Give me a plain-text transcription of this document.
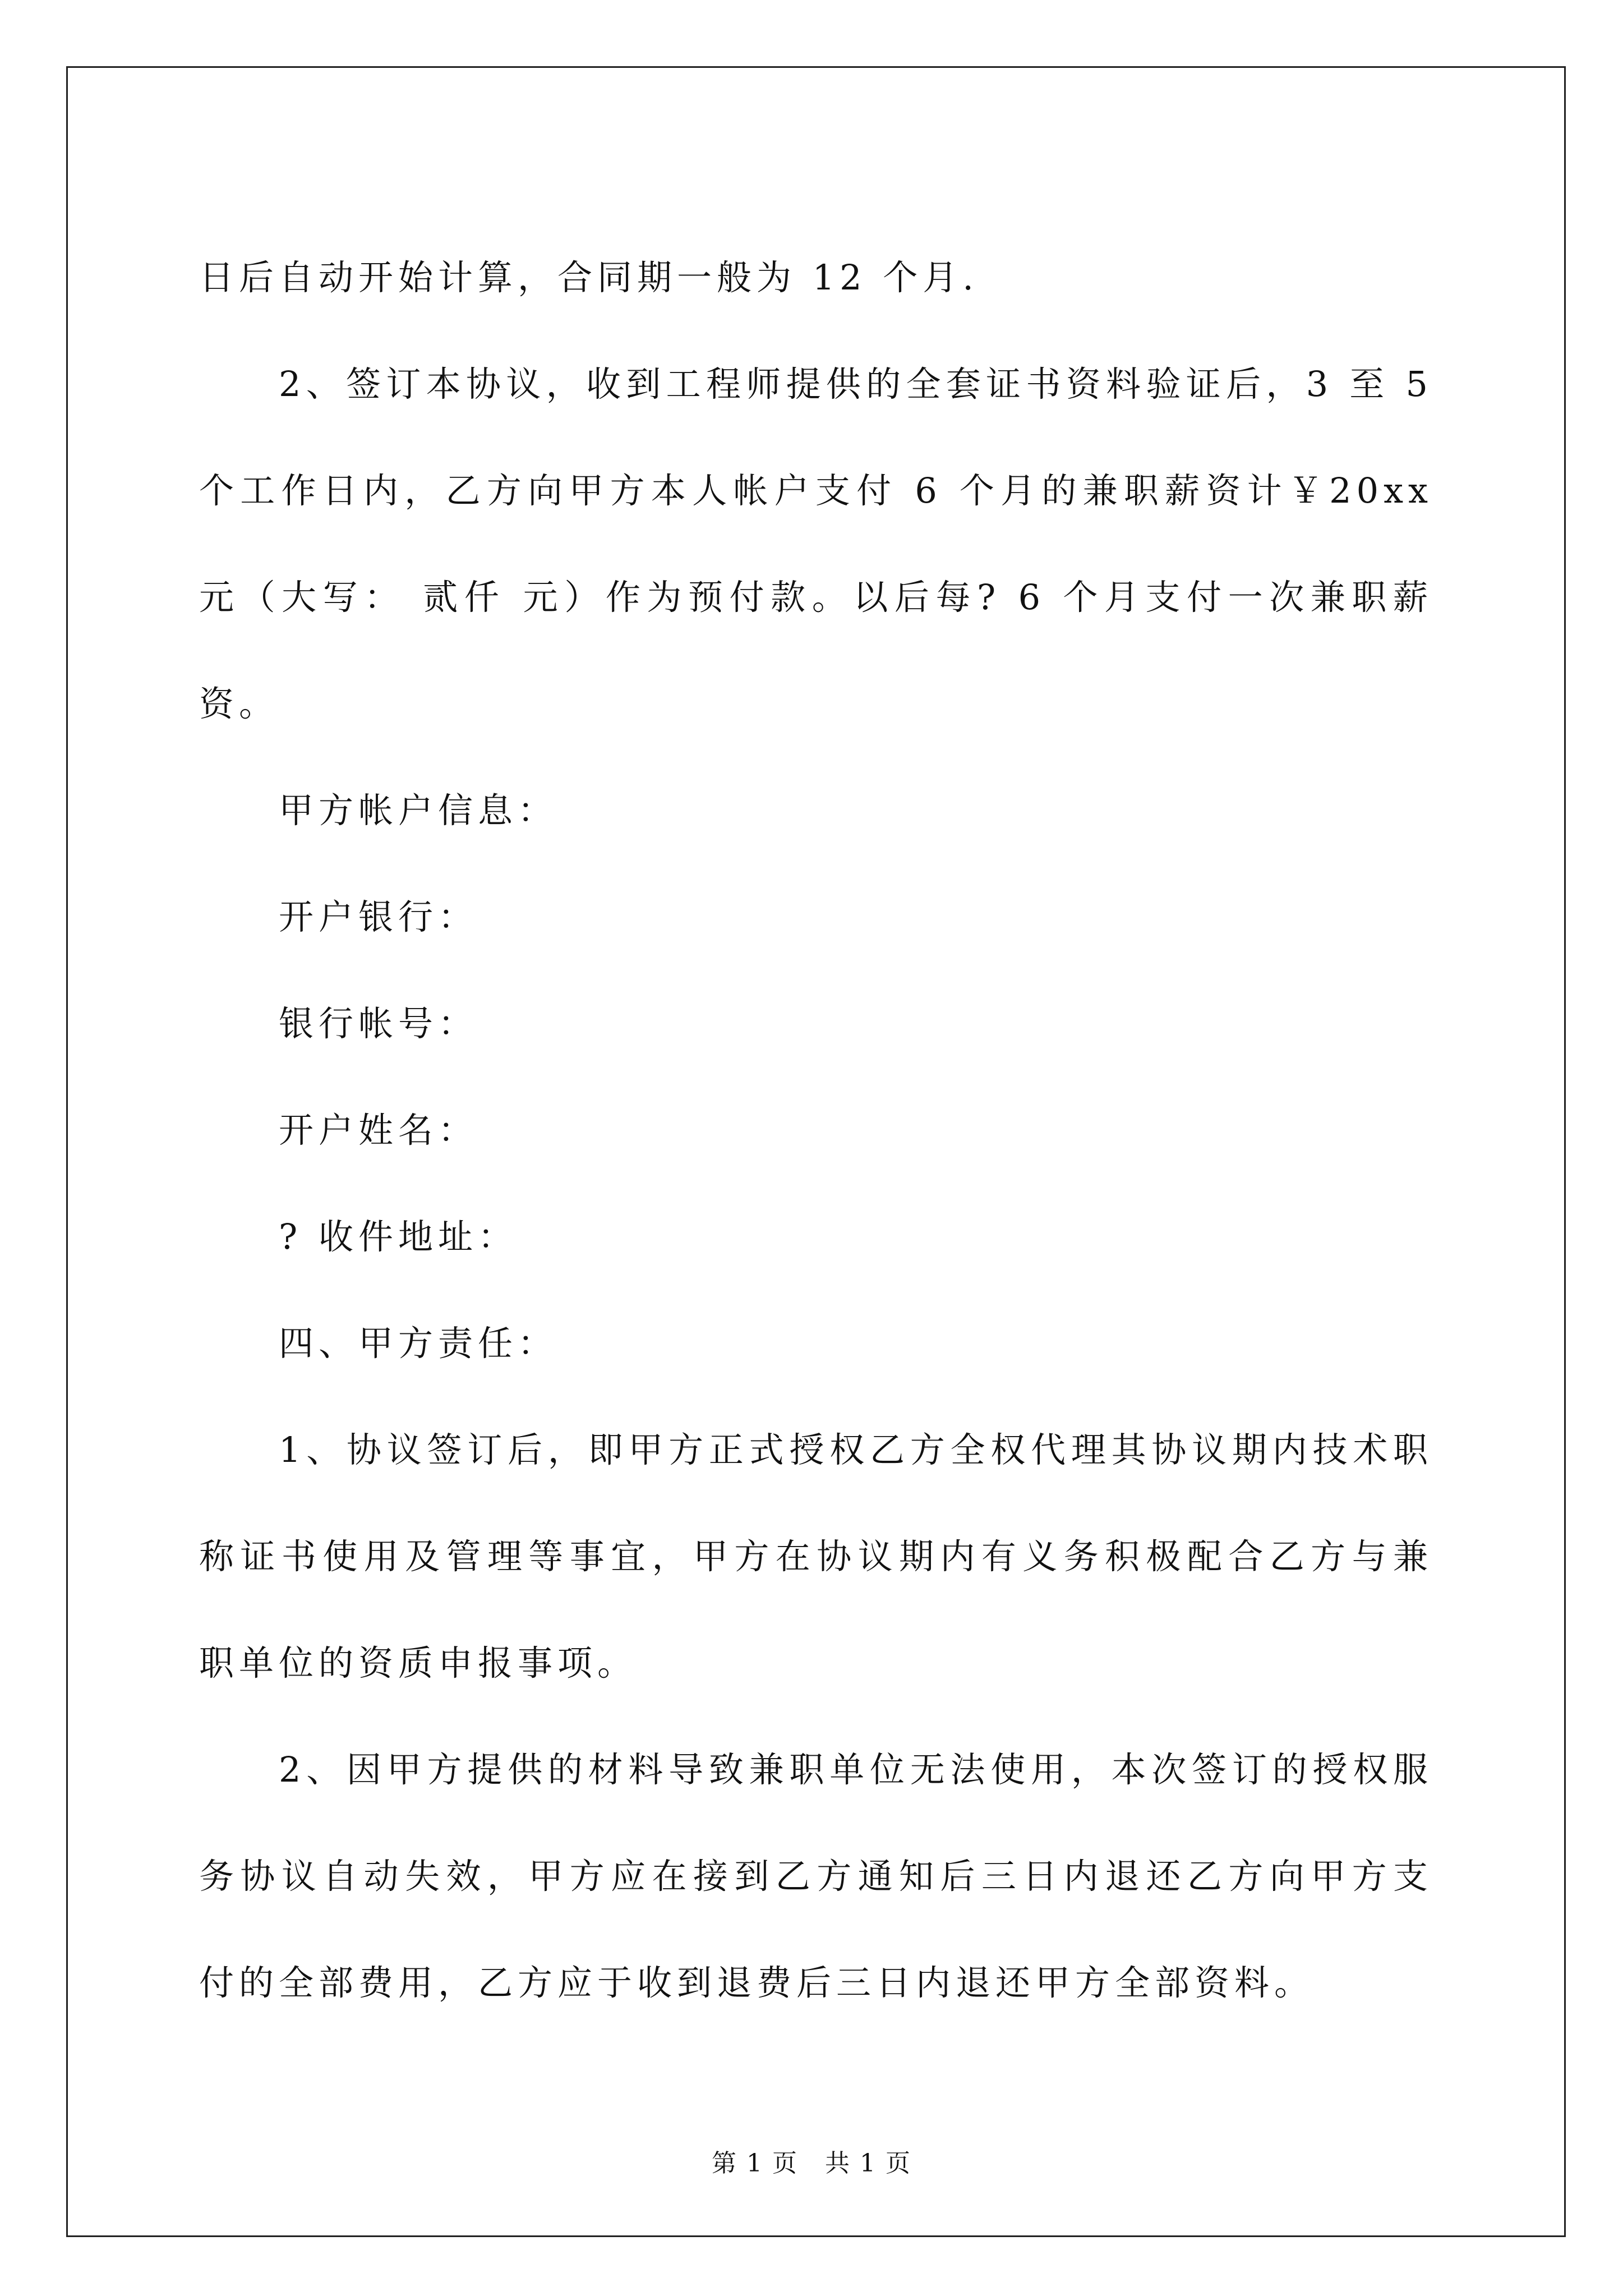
日后自动开始计算，合同期一般为 12 个月.

2、签订本协议，收到工程师提供的全套证书资料验证后，3 至 5 个工作日内，乙方向甲方本人帐户支付 6 个月的兼职薪资计￥20xx 元（大写： 贰仟 元）作为预付款。以后每? 6 个月支付一次兼职薪资。

甲方帐户信息：

开户银行：

银行帐号：

开户姓名：

? 收件地址：

四、甲方责任：

1、协议签订后，即甲方正式授权乙方全权代理其协议期内技术职称证书使用及管理等事宜，甲方在协议期内有义务积极配合乙方与兼职单位的资质申报事项。

2、因甲方提供的材料导致兼职单位无法使用，本次签订的授权服务协议自动失效，甲方应在接到乙方通知后三日内退还乙方向甲方支付的全部费用，乙方应于收到退费后三日内退还甲方全部资料。

第 1 页 共 1 页
